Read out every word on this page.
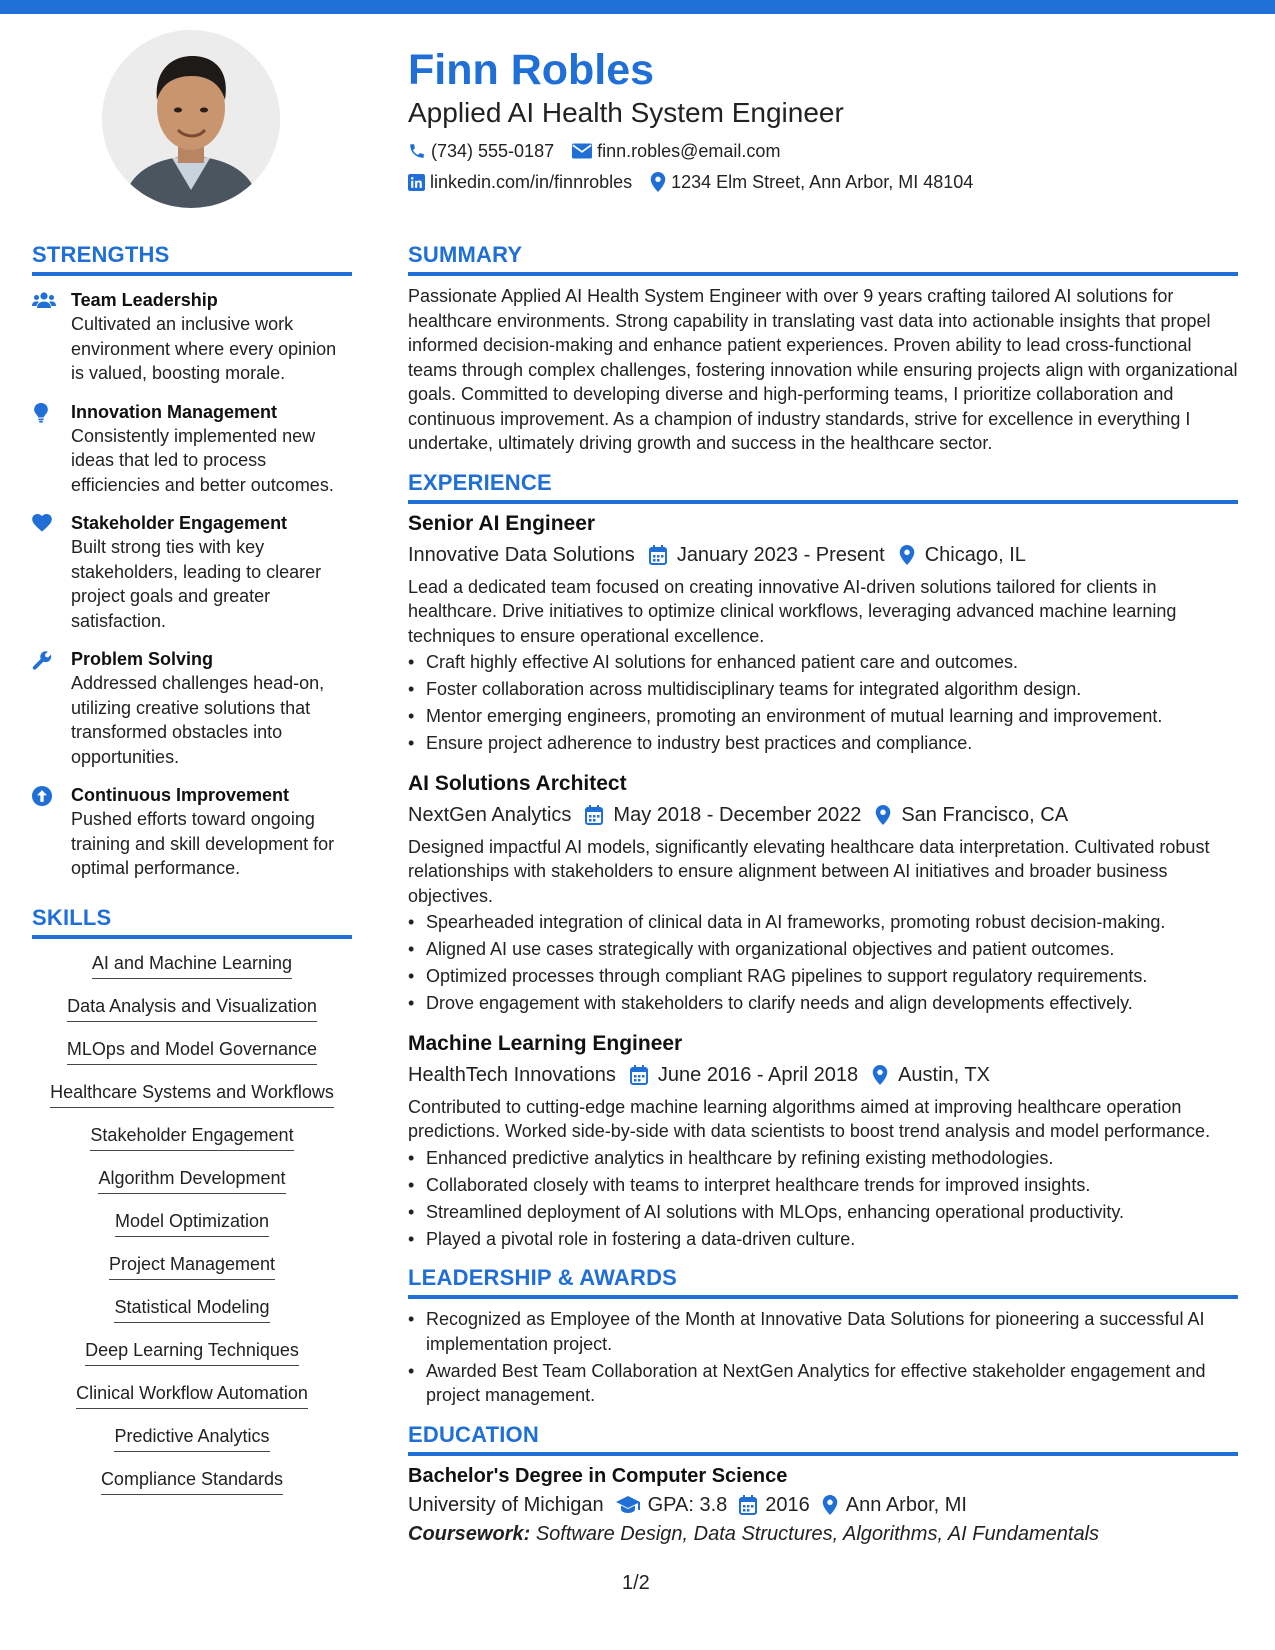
Finn Robles
Applied AI Health System Engineer
(734) 555-0187 finn.robles@email.com
linkedin.com/in/finnrobles 1234 Elm Street, Ann Arbor, MI 48104
STRENGTHS
Team Leadership
Cultivated an inclusive work environment where every opinion is valued, boosting morale.
Innovation Management
Consistently implemented new ideas that led to process efficiencies and better outcomes.
Stakeholder Engagement
Built strong ties with key stakeholders, leading to clearer project goals and greater satisfaction.
Problem Solving
Addressed challenges head-on, utilizing creative solutions that transformed obstacles into opportunities.
Continuous Improvement
Pushed efforts toward ongoing training and skill development for optimal performance.
SKILLS
AI and Machine Learning
Data Analysis and Visualization
MLOps and Model Governance
Healthcare Systems and Workflows
Stakeholder Engagement
Algorithm Development
Model Optimization
Project Management
Statistical Modeling
Deep Learning Techniques
Clinical Workflow Automation
Predictive Analytics
Compliance Standards
SUMMARY
Passionate Applied AI Health System Engineer with over 9 years crafting tailored AI solutions for healthcare environments. Strong capability in translating vast data into actionable insights that propel informed decision-making and enhance patient experiences. Proven ability to lead cross-functional teams through complex challenges, fostering innovation while ensuring projects align with organizational goals. Committed to developing diverse and high-performing teams, I prioritize collaboration and continuous improvement. As a champion of industry standards, strive for excellence in everything I undertake, ultimately driving growth and success in the healthcare sector.
EXPERIENCE
Senior AI Engineer
Innovative Data Solutions January 2023 - Present Chicago, IL
Lead a dedicated team focused on creating innovative AI-driven solutions tailored for clients in healthcare. Drive initiatives to optimize clinical workflows, leveraging advanced machine learning techniques to ensure operational excellence.
• Craft highly effective AI solutions for enhanced patient care and outcomes.
• Foster collaboration across multidisciplinary teams for integrated algorithm design.
• Mentor emerging engineers, promoting an environment of mutual learning and improvement.
• Ensure project adherence to industry best practices and compliance.
AI Solutions Architect
NextGen Analytics May 2018 - December 2022 San Francisco, CA
Designed impactful AI models, significantly elevating healthcare data interpretation. Cultivated robust relationships with stakeholders to ensure alignment between AI initiatives and broader business objectives.
• Spearheaded integration of clinical data in AI frameworks, promoting robust decision-making.
• Aligned AI use cases strategically with organizational objectives and patient outcomes.
• Optimized processes through compliant RAG pipelines to support regulatory requirements.
• Drove engagement with stakeholders to clarify needs and align developments effectively.
Machine Learning Engineer
HealthTech Innovations June 2016 - April 2018 Austin, TX
Contributed to cutting-edge machine learning algorithms aimed at improving healthcare operation predictions. Worked side-by-side with data scientists to boost trend analysis and model performance.
• Enhanced predictive analytics in healthcare by refining existing methodologies.
• Collaborated closely with teams to interpret healthcare trends for improved insights.
• Streamlined deployment of AI solutions with MLOps, enhancing operational productivity.
• Played a pivotal role in fostering a data-driven culture.
LEADERSHIP & AWARDS
• Recognized as Employee of the Month at Innovative Data Solutions for pioneering a successful AI implementation project.
• Awarded Best Team Collaboration at NextGen Analytics for effective stakeholder engagement and project management.
EDUCATION
Bachelor's Degree in Computer Science
University of Michigan GPA: 3.8 2016 Ann Arbor, MI
Coursework: Software Design, Data Structures, Algorithms, AI Fundamentals
1/2
